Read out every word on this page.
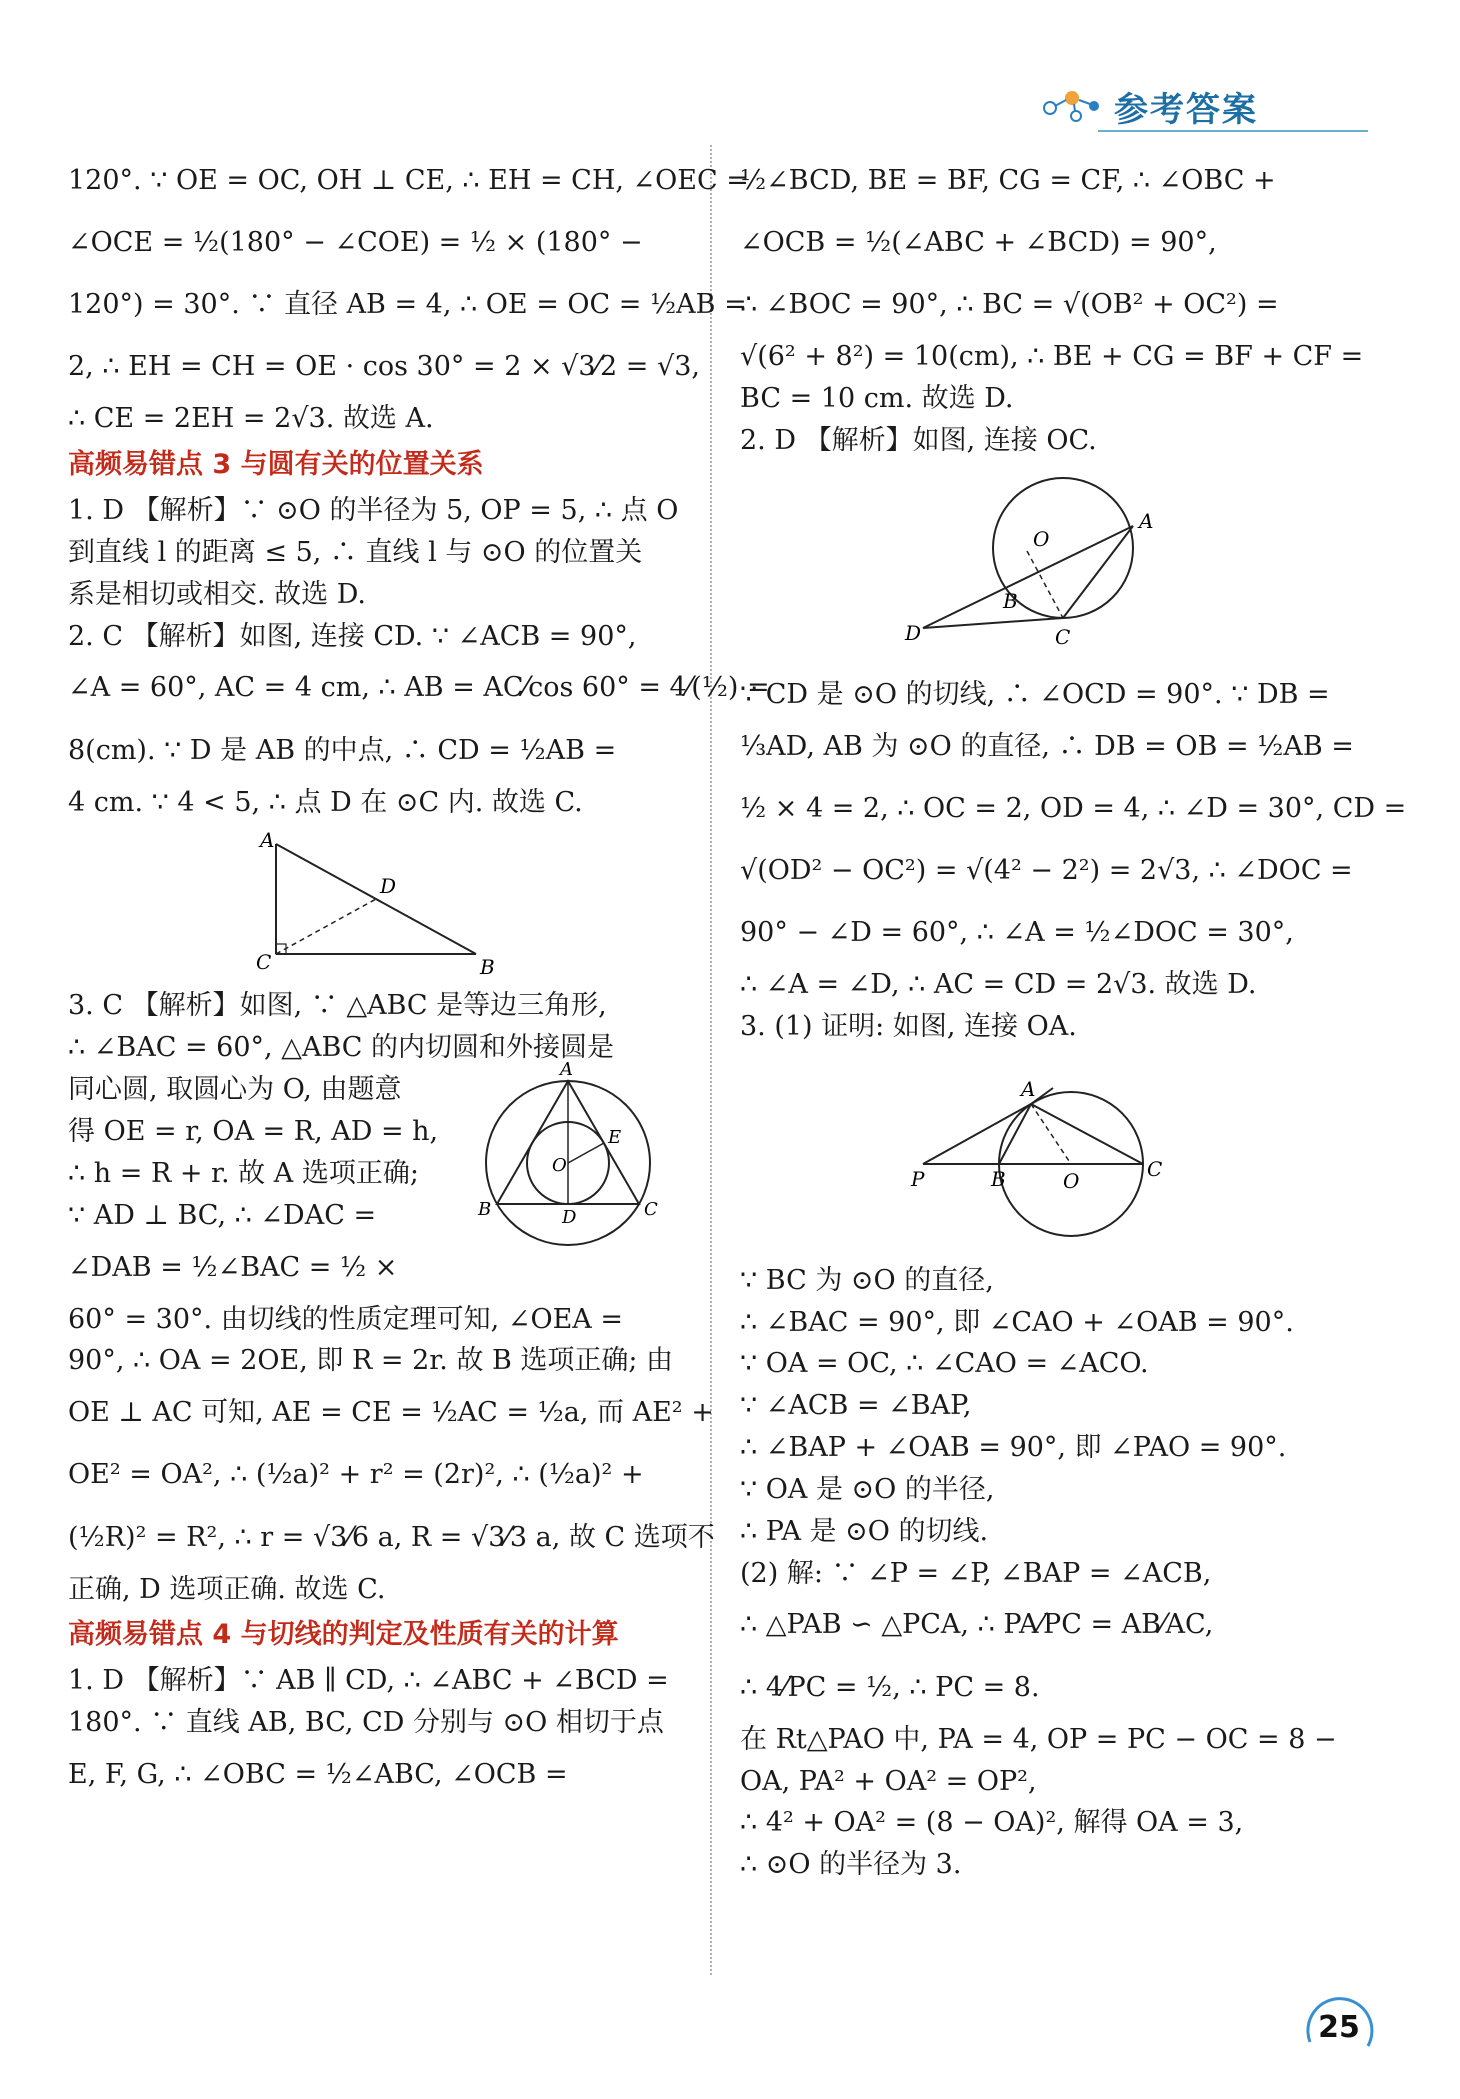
参考答案

120°. ∵ OE = OC, OH ⊥ CE, ∴ EH = CH, ∠OEC =

∠OCE = ½(180° − ∠COE) = ½ × (180° −

120°) = 30°. ∵ 直径 AB = 4, ∴ OE = OC = ½AB =

2, ∴ EH = CH = OE · cos 30° = 2 × √3⁄2 = √3,

∴ CE = 2EH = 2√3. 故选 A.

高频易错点 3 与圆有关的位置关系

1. D 【解析】∵ ⊙O 的半径为 5, OP = 5, ∴ 点 O

到直线 l 的距离 ≤ 5, ∴ 直线 l 与 ⊙O 的位置关

系是相切或相交. 故选 D.

2. C 【解析】如图, 连接 CD. ∵ ∠ACB = 90°,

∠A = 60°, AC = 4 cm, ∴ AB = AC⁄cos 60° = 4⁄(½) =

8(cm). ∵ D 是 AB 的中点, ∴ CD = ½AB =

4 cm. ∵ 4 < 5, ∴ 点 D 在 ⊙C 内. 故选 C.

A
D
C	B

3. C 【解析】如图, ∵ △ABC 是等边三角形,

∴ ∠BAC = 60°, △ABC 的内切圆和外接圆是

同心圆, 取圆心为 O, 由题意

得 OE = r, OA = R, AD = h,

∴ h = R + r. 故 A 选项正确;

∵ AD ⊥ BC, ∴ ∠DAC =

∠DAB = ½∠BAC = ½ ×

60° = 30°. 由切线的性质定理可知, ∠OEA =

90°, ∴ OA = 2OE, 即 R = 2r. 故 B 选项正确; 由

OE ⊥ AC 可知, AE = CE = ½AC = ½a, 而 AE² +

OE² = OA², ∴ (½a)² + r² = (2r)², ∴ (½a)² +

(½R)² = R², ∴ r = √3⁄6 a, R = √3⁄3 a, 故 C 选项不

正确, D 选项正确. 故选 C.

A
E
O
B	D	C
高频易错点 4 与切线的判定及性质有关的计算

1. D 【解析】∵ AB ∥ CD, ∴ ∠ABC + ∠BCD =

180°. ∵ 直线 AB, BC, CD 分别与 ⊙O 相切于点

E, F, G, ∴ ∠OBC = ½∠ABC, ∠OCB =

½∠BCD, BE = BF, CG = CF, ∴ ∠OBC +

∠OCB = ½(∠ABC + ∠BCD) = 90°,

∴ ∠BOC = 90°, ∴ BC = √(OB² + OC²) =

√(6² + 8²) = 10(cm), ∴ BE + CG = BF + CF =

BC = 10 cm. 故选 D.

2. D 【解析】如图, 连接 OC.

O
A
B
D	C

∵ CD 是 ⊙O 的切线, ∴ ∠OCD = 90°. ∵ DB =

⅓AD, AB 为 ⊙O 的直径, ∴ DB = OB = ½AB =

½ × 4 = 2, ∴ OC = 2, OD = 4, ∴ ∠D = 30°, CD =

√(OD² − OC²) = √(4² − 2²) = 2√3, ∴ ∠DOC =

90° − ∠D = 60°, ∴ ∠A = ½∠DOC = 30°,

∴ ∠A = ∠D, ∴ AC = CD = 2√3. 故选 D.

3. (1) 证明: 如图, 连接 OA.

A
P	B	O	C

∵ BC 为 ⊙O 的直径,

∴ ∠BAC = 90°, 即 ∠CAO + ∠OAB = 90°.

∵ OA = OC, ∴ ∠CAO = ∠ACO.

∵ ∠ACB = ∠BAP,

∴ ∠BAP + ∠OAB = 90°, 即 ∠PAO = 90°.

∵ OA 是 ⊙O 的半径,

∴ PA 是 ⊙O 的切线.

(2) 解: ∵ ∠P = ∠P, ∠BAP = ∠ACB,

∴ △PAB ∽ △PCA, ∴ PA⁄PC = AB⁄AC,

∴ 4⁄PC = ½, ∴ PC = 8.

在 Rt△PAO 中, PA = 4, OP = PC − OC = 8 −

OA, PA² + OA² = OP²,

∴ 4² + OA² = (8 − OA)², 解得 OA = 3,

∴ ⊙O 的半径为 3.

25
